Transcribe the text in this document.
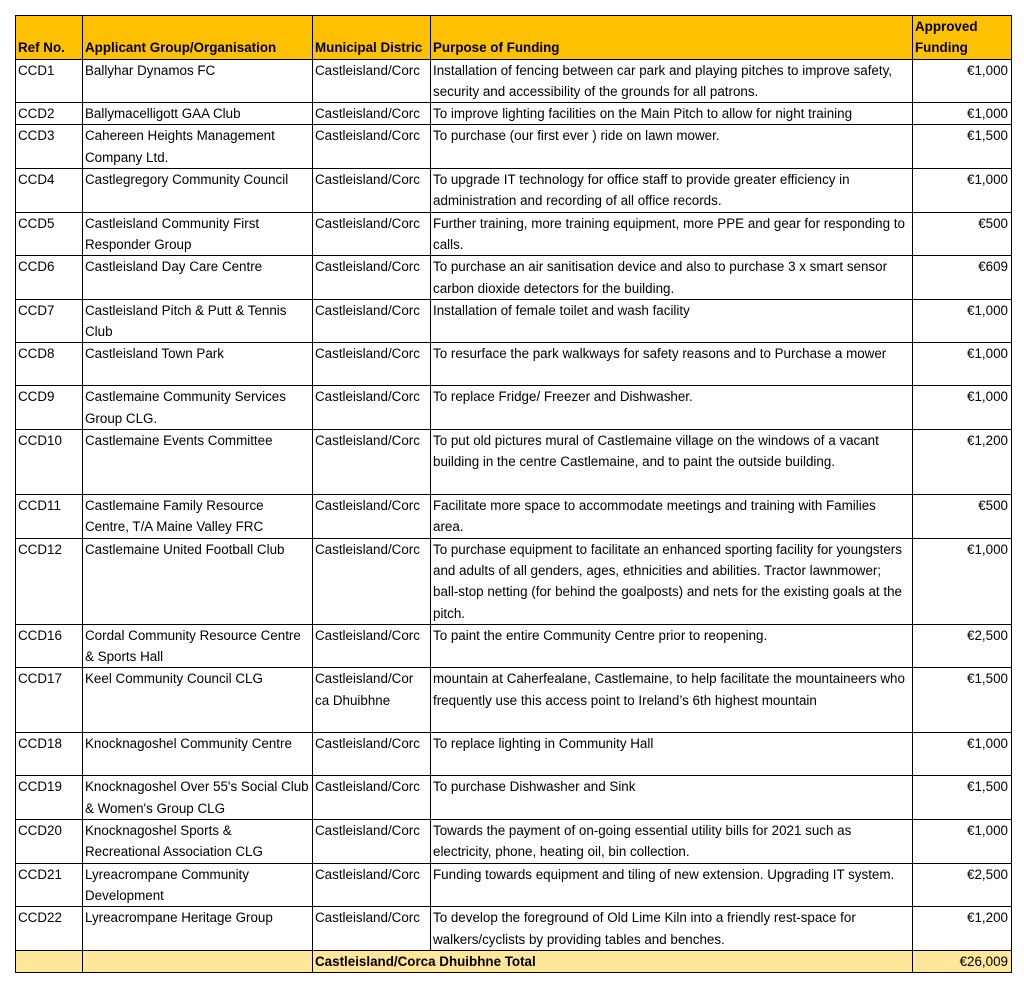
Ref No.	Applicant Group/Organisation	Municipal Distric	Purpose of Funding	Approved Funding
CCD1	Ballyhar Dynamos FC	Castleisland/Corc	Installation of fencing between car park and playing pitches to improve safety, security and accessibility of the grounds for all patrons.	€1,000
CCD2	Ballymacelligott GAA Club	Castleisland/Corc	To improve lighting facilities on the Main Pitch to allow for night training	€1,000
CCD3	Cahereen Heights Management Company Ltd.	Castleisland/Corc	To purchase (our first ever ) ride on lawn mower.	€1,500
CCD4	Castlegregory Community Council	Castleisland/Corc	To upgrade IT technology for office staff to provide greater efficiency in administration and recording of all office records.	€1,000
CCD5	Castleisland Community First Responder Group	Castleisland/Corc	Further training, more training equipment, more PPE and gear for responding to calls.	€500
CCD6	Castleisland Day Care Centre	Castleisland/Corc	To purchase an air sanitisation device and also to purchase 3 x smart sensor carbon dioxide detectors for the building.	€609
CCD7	Castleisland Pitch & Putt & Tennis Club	Castleisland/Corc	Installation of female toilet and wash facility	€1,000
CCD8	Castleisland Town Park	Castleisland/Corc	To resurface the park walkways for safety reasons and to Purchase a mower	€1,000
CCD9	Castlemaine Community Services Group CLG.	Castleisland/Corc	To replace Fridge/ Freezer and Dishwasher.	€1,000
CCD10	Castlemaine Events Committee	Castleisland/Corc	To put old pictures mural of Castlemaine village on the windows of a vacant building in the centre Castlemaine, and to paint the outside building.	€1,200
CCD11	Castlemaine Family Resource Centre, T/A Maine Valley FRC	Castleisland/Corc	Facilitate more space to accommodate meetings and training with Families area.	€500
CCD12	Castlemaine United Football Club	Castleisland/Corc	To purchase equipment to facilitate an enhanced sporting facility for youngsters and adults of all genders, ages, ethnicities and abilities. Tractor lawnmower; ball-stop netting (for behind the goalposts) and nets for the existing goals at the pitch.	€1,000
CCD16	Cordal Community Resource Centre & Sports Hall	Castleisland/Corc	To paint the entire Community Centre prior to reopening.	€2,500
CCD17	Keel Community Council CLG	Castleisland/Cor ca Dhuibhne	mountain at Caherfealane, Castlemaine, to help facilitate the mountaineers who frequently use this access point to Ireland’s 6th highest mountain	€1,500
CCD18	Knocknagoshel Community Centre	Castleisland/Corc	To replace lighting in Community Hall	€1,000
CCD19	Knocknagoshel Over 55's Social Club & Women's Group CLG	Castleisland/Corc	To purchase Dishwasher and Sink	€1,500
CCD20	Knocknagoshel Sports & Recreational Association CLG	Castleisland/Corc	Towards the payment of on-going essential utility bills for 2021 such as electricity, phone, heating oil, bin collection.	€1,000
CCD21	Lyreacrompane Community Development	Castleisland/Corc	Funding towards equipment and tiling of new extension. Upgrading IT system.	€2,500
CCD22	Lyreacrompane Heritage Group	Castleisland/Corc	To develop the foreground of Old Lime Kiln into a friendly rest-space for walkers/cyclists by providing tables and benches.	€1,200
		Castleisland/Corca Dhuibhne Total		€26,009
